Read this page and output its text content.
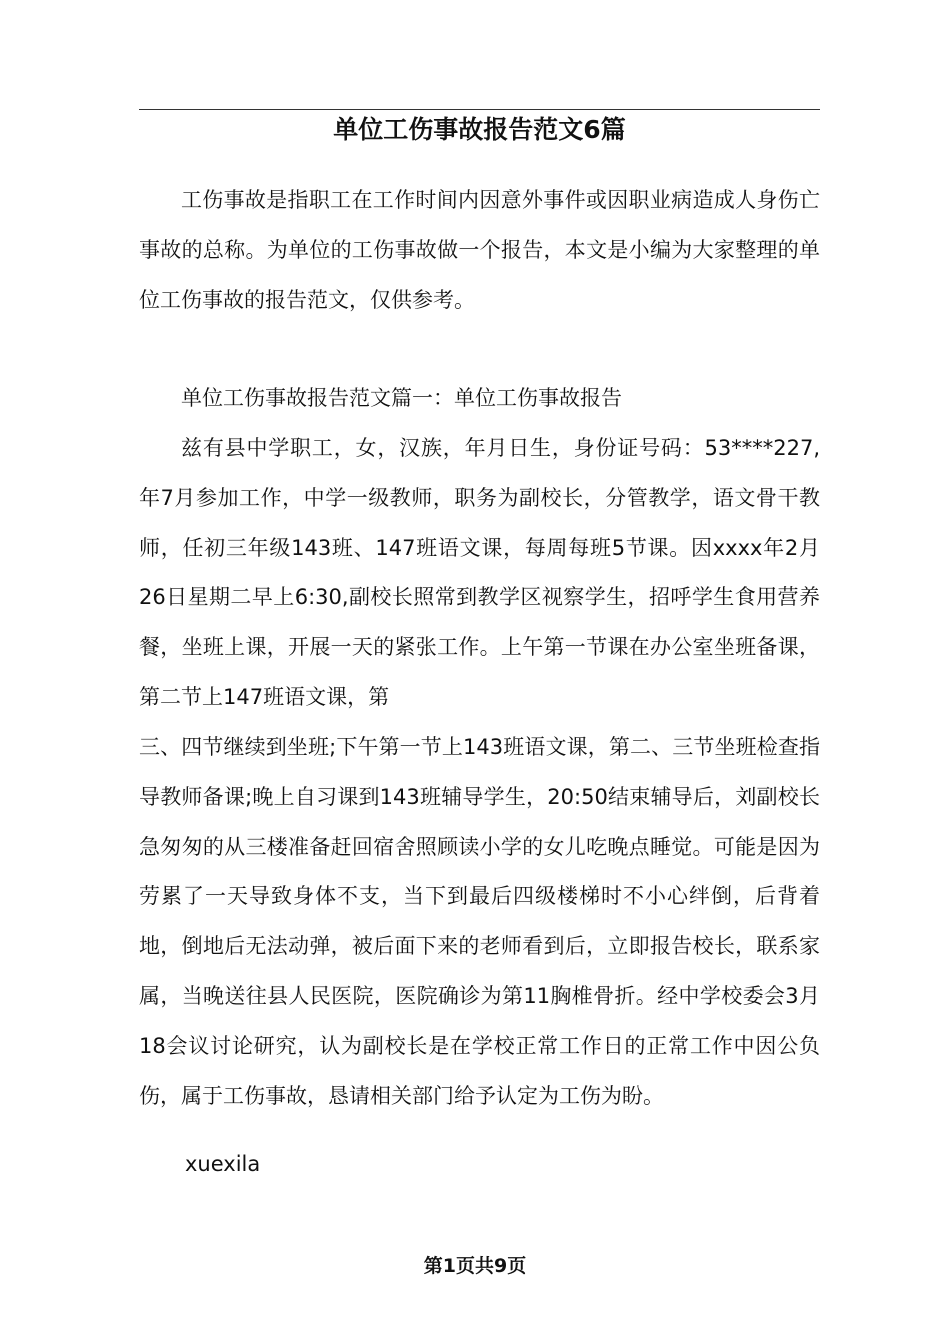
单位工伤事故报告范文6篇

工伤事故是指职工在工作时间内因意外事件或因职业病造成人身伤亡事故的总称。为单位的工伤事故做一个报告，本文是小编为大家整理的单位工伤事故的报告范文，仅供参考。

单位工伤事故报告范文篇一：单位工伤事故报告

兹有县中学职工，女，汉族，年月日生，身份证号码：53****227,年7月参加工作，中学一级教师，职务为副校长，分管教学，语文骨干教师，任初三年级143班、147班语文课，每周每班5节课。因xxxx年2月26日星期二早上6:30,副校长照常到教学区视察学生，招呼学生食用营养餐，坐班上课，开展一天的紧张工作。上午第一节课在办公室坐班备课，第二节上147班语文课，第

三、四节继续到坐班;下午第一节上143班语文课，第二、三节坐班检查指导教师备课;晚上自习课到143班辅导学生，20:50结束辅导后，刘副校长急匆匆的从三楼准备赶回宿舍照顾读小学的女儿吃晚点睡觉。可能是因为劳累了一天导致身体不支，当下到最后四级楼梯时不小心绊倒，后背着地，倒地后无法动弹，被后面下来的老师看到后，立即报告校长，联系家属，当晚送往县人民医院，医院确诊为第11胸椎骨折。经中学校委会3月18会议讨论研究，认为副校长是在学校正常工作日的正常工作中因公负伤，属于工伤事故，恳请相关部门给予认定为工伤为盼。

xuexila

第1页共9页
